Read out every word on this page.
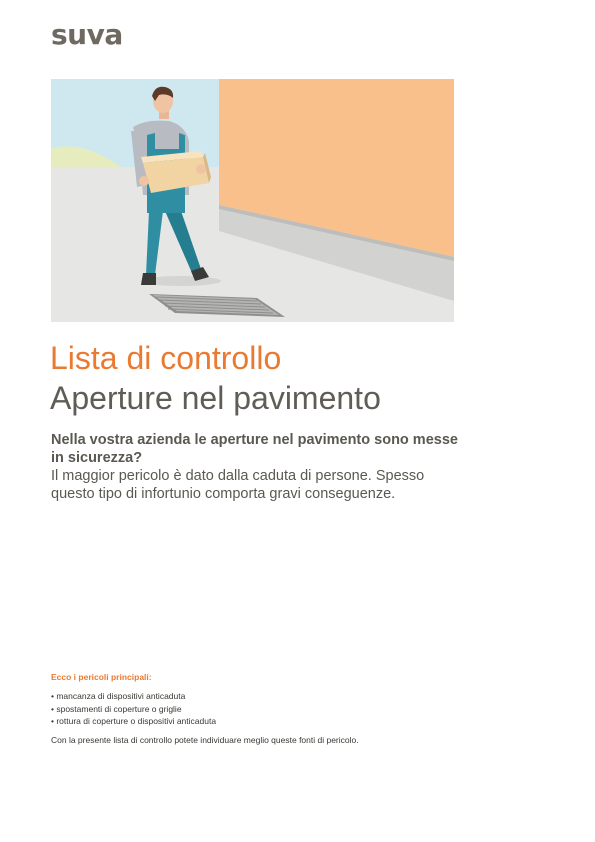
suva
Lista di controllo
Aperture nel pavimento
Nella vostra azienda le aperture nel pavimento sono messe in sicurezza?
Il maggior pericolo è dato dalla caduta di persone. Spesso questo tipo di infortunio comporta gravi conseguenze.
Ecco i pericoli principali:
• mancanza di dispositivi anticaduta
• spostamenti di coperture o griglie
• rottura di coperture o dispositivi anticaduta
Con la presente lista di controllo potete individuare meglio queste fonti di pericolo.
